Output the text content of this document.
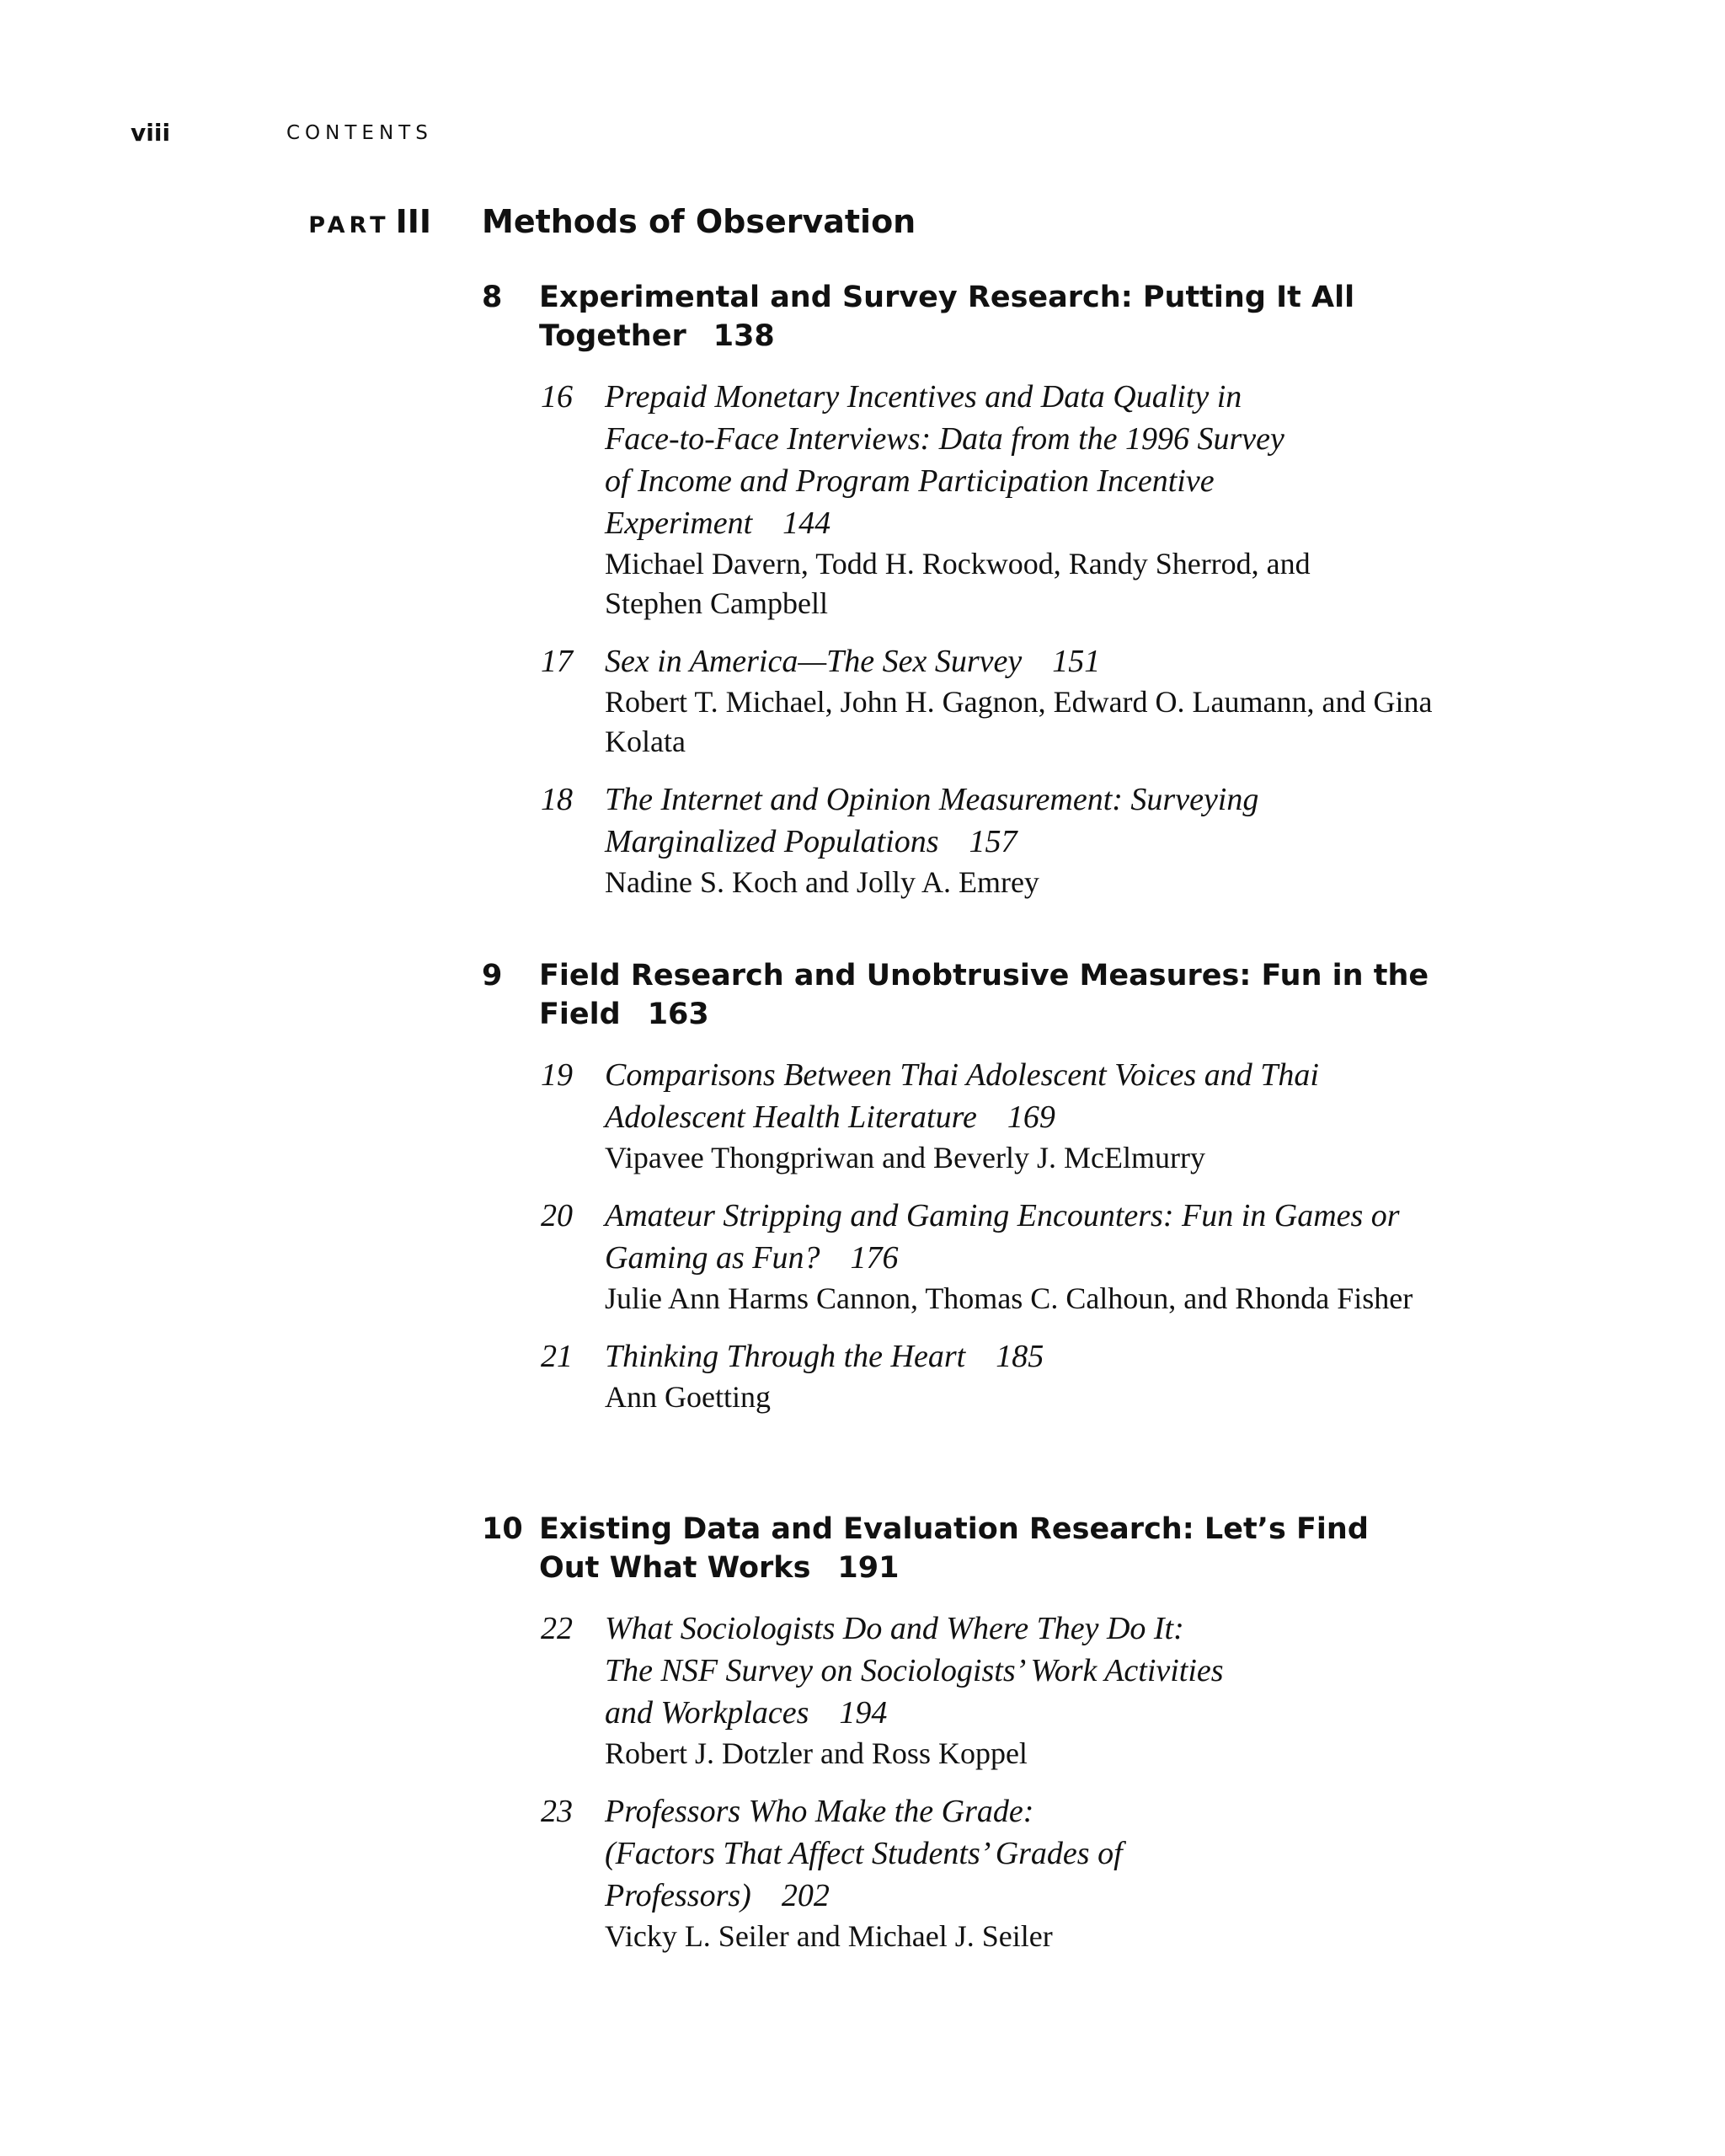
viii	CONTENTS
PART III Methods of Observation
8 Experimental and Survey Research: Putting It All Together 138
16 Prepaid Monetary Incentives and Data Quality in Face-to-Face Interviews: Data from the 1996 Survey of Income and Program Participation Incentive Experiment 144
Michael Davern, Todd H. Rockwood, Randy Sherrod, and Stephen Campbell
17 Sex in America—The Sex Survey 151
Robert T. Michael, John H. Gagnon, Edward O. Laumann, and Gina Kolata
18 The Internet and Opinion Measurement: Surveying Marginalized Populations 157
Nadine S. Koch and Jolly A. Emrey
9 Field Research and Unobtrusive Measures: Fun in the Field 163
19 Comparisons Between Thai Adolescent Voices and Thai Adolescent Health Literature 169
Vipavee Thongpriwan and Beverly J. McElmurry
20 Amateur Stripping and Gaming Encounters: Fun in Games or Gaming as Fun? 176
Julie Ann Harms Cannon, Thomas C. Calhoun, and Rhonda Fisher
21 Thinking Through the Heart 185
Ann Goetting
10 Existing Data and Evaluation Research: Let’s Find Out What Works 191
22 What Sociologists Do and Where They Do It: The NSF Survey on Sociologists’ Work Activities and Workplaces 194
Robert J. Dotzler and Ross Koppel
23 Professors Who Make the Grade: (Factors That Affect Students’ Grades of Professors) 202
Vicky L. Seiler and Michael J. Seiler
